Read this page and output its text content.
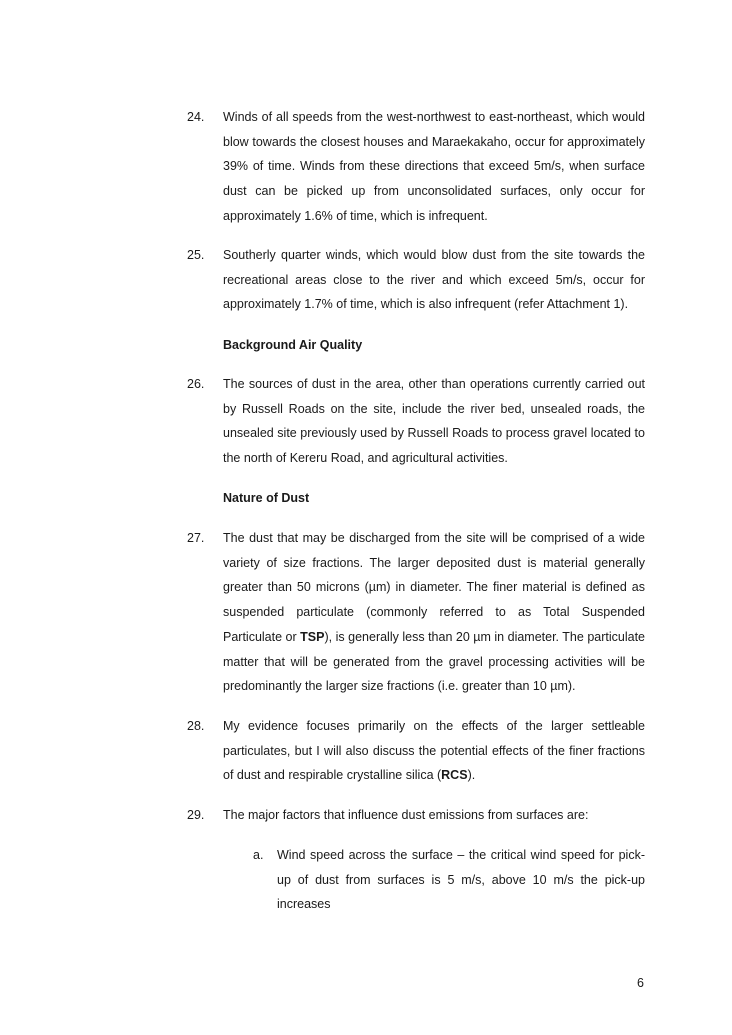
24. Winds of all speeds from the west-northwest to east-northeast, which would blow towards the closest houses and Maraekakaho, occur for approximately 39% of time. Winds from these directions that exceed 5m/s, when surface dust can be picked up from unconsolidated surfaces, only occur for approximately 1.6% of time, which is infrequent.
25. Southerly quarter winds, which would blow dust from the site towards the recreational areas close to the river and which exceed 5m/s, occur for approximately 1.7% of time, which is also infrequent (refer Attachment 1).
Background Air Quality
26. The sources of dust in the area, other than operations currently carried out by Russell Roads on the site, include the river bed, unsealed roads, the unsealed site previously used by Russell Roads to process gravel located to the north of Kereru Road, and agricultural activities.
Nature of Dust
27. The dust that may be discharged from the site will be comprised of a wide variety of size fractions. The larger deposited dust is material generally greater than 50 microns (µm) in diameter. The finer material is defined as suspended particulate (commonly referred to as Total Suspended Particulate or TSP), is generally less than 20 µm in diameter. The particulate matter that will be generated from the gravel processing activities will be predominantly the larger size fractions (i.e. greater than 10 µm).
28. My evidence focuses primarily on the effects of the larger settleable particulates, but I will also discuss the potential effects of the finer fractions of dust and respirable crystalline silica (RCS).
29. The major factors that influence dust emissions from surfaces are:
a. Wind speed across the surface – the critical wind speed for pick-up of dust from surfaces is 5 m/s, above 10 m/s the pick-up increases
6
